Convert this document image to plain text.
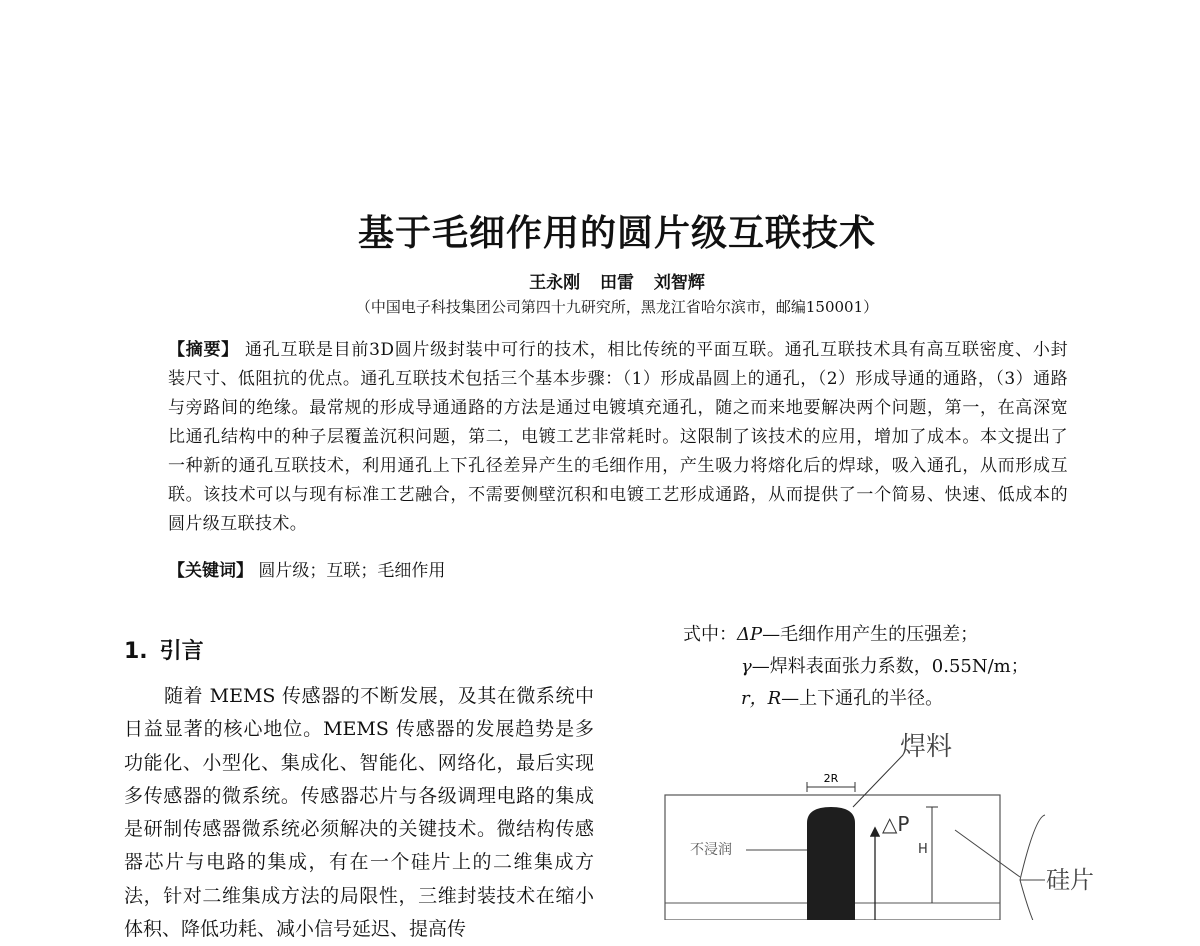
基于毛细作用的圆片级互联技术
王永刚 田雷 刘智辉
（中国电子科技集团公司第四十九研究所，黑龙江省哈尔滨市，邮编150001）
【摘要】 通孔互联是目前3D圆片级封装中可行的技术，相比传统的平面互联。通孔互联技术具有高互联密度、小封装尺寸、低阻抗的优点。通孔互联技术包括三个基本步骤：（1）形成晶圆上的通孔，（2）形成导通的通路，（3）通路与旁路间的绝缘。最常规的形成导通通路的方法是通过电镀填充通孔，随之而来地要解决两个问题，第一，在高深宽比通孔结构中的种子层覆盖沉积问题，第二，电镀工艺非常耗时。这限制了该技术的应用，增加了成本。本文提出了一种新的通孔互联技术，利用通孔上下孔径差异产生的毛细作用，产生吸力将熔化后的焊球，吸入通孔，从而形成互联。该技术可以与现有标准工艺融合，不需要侧壁沉积和电镀工艺形成通路，从而提供了一个简易、快速、低成本的圆片级互联技术。
【关键词】 圆片级；互联；毛细作用
1. 引言
随着 MEMS 传感器的不断发展，及其在微系统中日益显著的核心地位。MEMS 传感器的发展趋势是多功能化、小型化、集成化、智能化、网络化，最后实现多传感器的微系统。传感器芯片与各级调理电路的集成是研制传感器微系统必须解决的关键技术。微结构传感器芯片与电路的集成，有在一个硅片上的二维集成方法，针对二维集成方法的局限性，三维封装技术在缩小体积、降低功耗、减小信号延迟、提高传
式中：ΔP—毛细作用产生的压强差；
γ—焊料表面张力系数，0.55N/m；
r，R—上下通孔的半径。
2R
焊料
△P
H
不浸润
硅片
